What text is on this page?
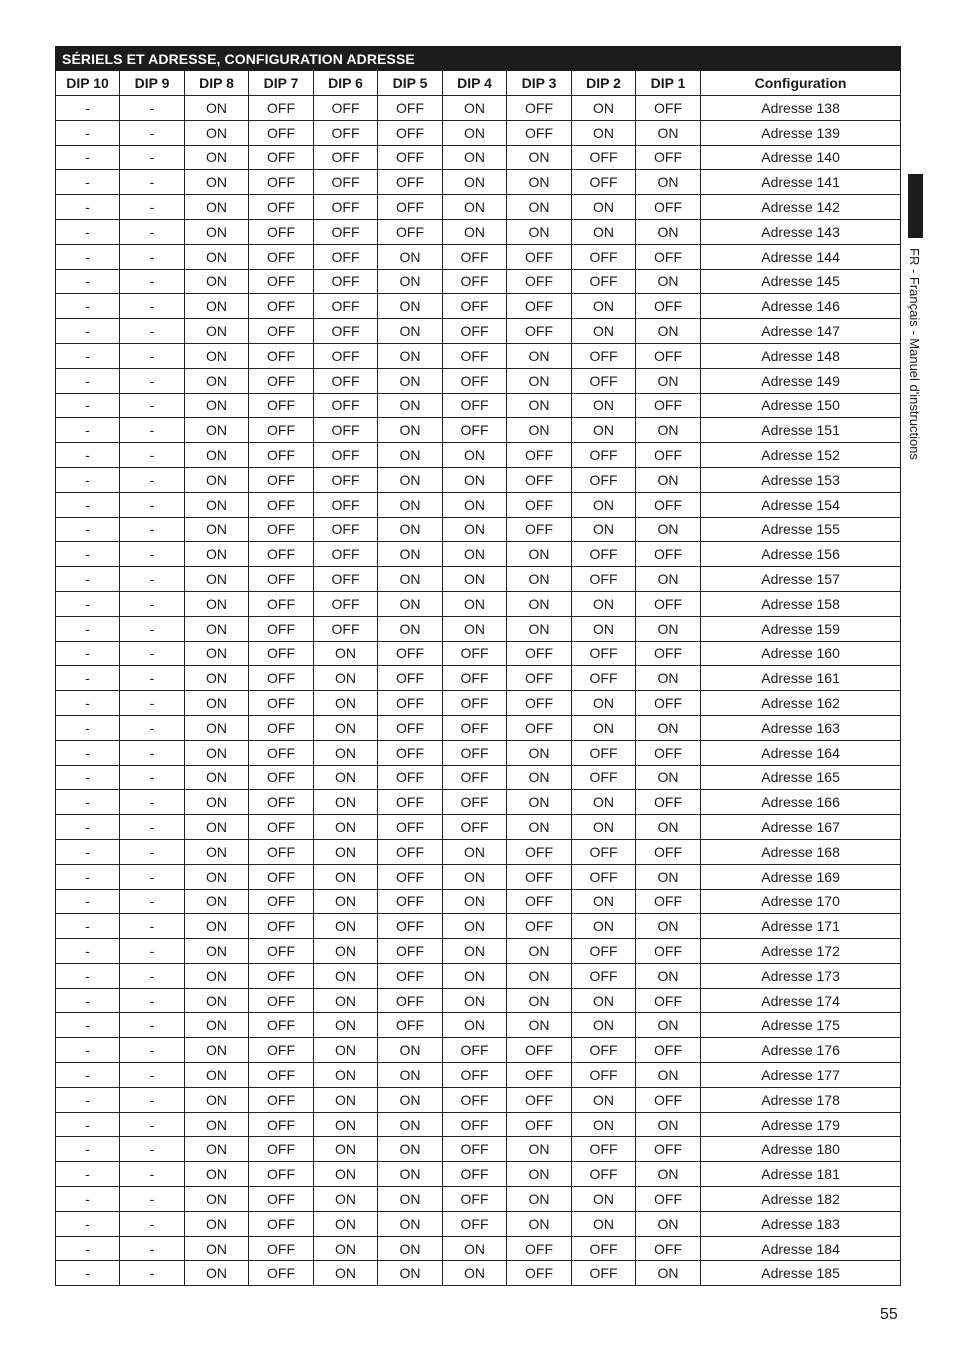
SÉRIELS ET ADRESSE, CONFIGURATION ADRESSE										
DIP 10	DIP 9	DIP 8	DIP 7	DIP 6	DIP 5	DIP 4	DIP 3	DIP 2	DIP 1	Configuration
-	-	ON	OFF	OFF	OFF	ON	OFF	ON	OFF	Adresse 138
-	-	ON	OFF	OFF	OFF	ON	OFF	ON	ON	Adresse 139
-	-	ON	OFF	OFF	OFF	ON	ON	OFF	OFF	Adresse 140
-	-	ON	OFF	OFF	OFF	ON	ON	OFF	ON	Adresse 141
-	-	ON	OFF	OFF	OFF	ON	ON	ON	OFF	Adresse 142
-	-	ON	OFF	OFF	OFF	ON	ON	ON	ON	Adresse 143
-	-	ON	OFF	OFF	ON	OFF	OFF	OFF	OFF	Adresse 144
-	-	ON	OFF	OFF	ON	OFF	OFF	OFF	ON	Adresse 145
-	-	ON	OFF	OFF	ON	OFF	OFF	ON	OFF	Adresse 146
-	-	ON	OFF	OFF	ON	OFF	OFF	ON	ON	Adresse 147
-	-	ON	OFF	OFF	ON	OFF	ON	OFF	OFF	Adresse 148
-	-	ON	OFF	OFF	ON	OFF	ON	OFF	ON	Adresse 149
-	-	ON	OFF	OFF	ON	OFF	ON	ON	OFF	Adresse 150
-	-	ON	OFF	OFF	ON	OFF	ON	ON	ON	Adresse 151
-	-	ON	OFF	OFF	ON	ON	OFF	OFF	OFF	Adresse 152
-	-	ON	OFF	OFF	ON	ON	OFF	OFF	ON	Adresse 153
-	-	ON	OFF	OFF	ON	ON	OFF	ON	OFF	Adresse 154
-	-	ON	OFF	OFF	ON	ON	OFF	ON	ON	Adresse 155
-	-	ON	OFF	OFF	ON	ON	ON	OFF	OFF	Adresse 156
-	-	ON	OFF	OFF	ON	ON	ON	OFF	ON	Adresse 157
-	-	ON	OFF	OFF	ON	ON	ON	ON	OFF	Adresse 158
-	-	ON	OFF	OFF	ON	ON	ON	ON	ON	Adresse 159
-	-	ON	OFF	ON	OFF	OFF	OFF	OFF	OFF	Adresse 160
-	-	ON	OFF	ON	OFF	OFF	OFF	OFF	ON	Adresse 161
-	-	ON	OFF	ON	OFF	OFF	OFF	ON	OFF	Adresse 162
-	-	ON	OFF	ON	OFF	OFF	OFF	ON	ON	Adresse 163
-	-	ON	OFF	ON	OFF	OFF	ON	OFF	OFF	Adresse 164
-	-	ON	OFF	ON	OFF	OFF	ON	OFF	ON	Adresse 165
-	-	ON	OFF	ON	OFF	OFF	ON	ON	OFF	Adresse 166
-	-	ON	OFF	ON	OFF	OFF	ON	ON	ON	Adresse 167
-	-	ON	OFF	ON	OFF	ON	OFF	OFF	OFF	Adresse 168
-	-	ON	OFF	ON	OFF	ON	OFF	OFF	ON	Adresse 169
-	-	ON	OFF	ON	OFF	ON	OFF	ON	OFF	Adresse 170
-	-	ON	OFF	ON	OFF	ON	OFF	ON	ON	Adresse 171
-	-	ON	OFF	ON	OFF	ON	ON	OFF	OFF	Adresse 172
-	-	ON	OFF	ON	OFF	ON	ON	OFF	ON	Adresse 173
-	-	ON	OFF	ON	OFF	ON	ON	ON	OFF	Adresse 174
-	-	ON	OFF	ON	OFF	ON	ON	ON	ON	Adresse 175
-	-	ON	OFF	ON	ON	OFF	OFF	OFF	OFF	Adresse 176
-	-	ON	OFF	ON	ON	OFF	OFF	OFF	ON	Adresse 177
-	-	ON	OFF	ON	ON	OFF	OFF	ON	OFF	Adresse 178
-	-	ON	OFF	ON	ON	OFF	OFF	ON	ON	Adresse 179
-	-	ON	OFF	ON	ON	OFF	ON	OFF	OFF	Adresse 180
-	-	ON	OFF	ON	ON	OFF	ON	OFF	ON	Adresse 181
-	-	ON	OFF	ON	ON	OFF	ON	ON	OFF	Adresse 182
-	-	ON	OFF	ON	ON	OFF	ON	ON	ON	Adresse 183
-	-	ON	OFF	ON	ON	ON	OFF	OFF	OFF	Adresse 184
-	-	ON	OFF	ON	ON	ON	OFF	OFF	ON	Adresse 185
FR - Français - Manuel d'instructions
55
